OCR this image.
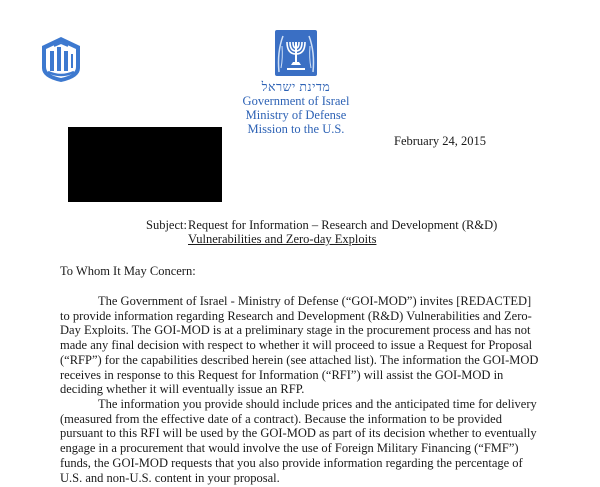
מדינת ישראל
Government of Israel
Ministry of Defense
Mission to the U.S.
February 24, 2015
Subject:Request for Information – Research and Development (R&D)
Vulnerabilities and Zero-day Exploits
To Whom It May Concern:
The Government of Israel - Ministry of Defense (“GOI-MOD”) invites [REDACTED] to provide information regarding Research and Development (R&D) Vulnerabilities and Zero-Day Exploits. The GOI-MOD is at a preliminary stage in the procurement process and has not made any final decision with respect to whether it will proceed to issue a Request for Proposal (“RFP”) for the capabilities described herein (see attached list). The information the GOI-MOD receives in response to this Request for Information (“RFI”) will assist the GOI-MOD in deciding whether it will eventually issue an RFP.
The information you provide should include prices and the anticipated time for delivery (measured from the effective date of a contract). Because the information to be provided pursuant to this RFI will be used by the GOI-MOD as part of its decision whether to eventually engage in a procurement that would involve the use of Foreign Military Financing (“FMF”) funds, the GOI-MOD requests that you also provide information regarding the percentage of U.S. and non-U.S. content in your proposal.
